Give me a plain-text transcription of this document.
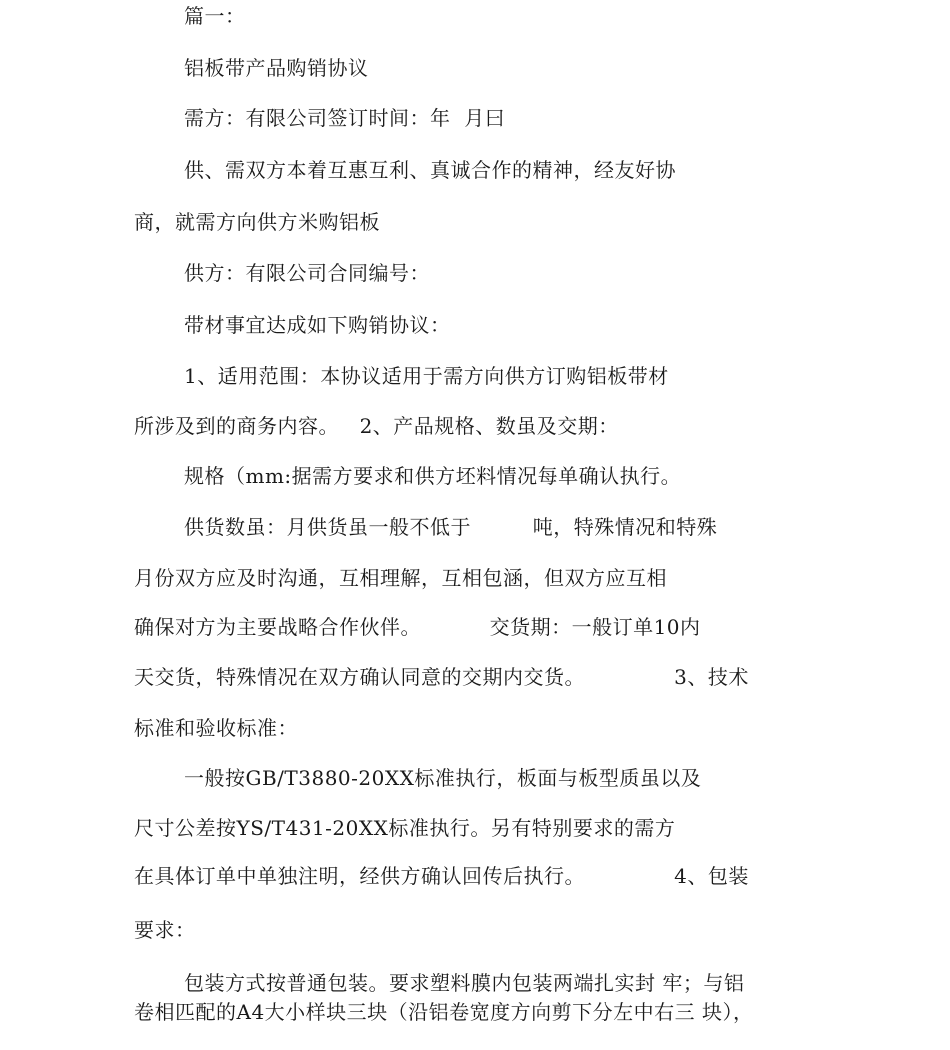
篇一：
铝板带产品购销协议
需方：有限公司签订时间：年  月曰
供、需双方本着互惠互利、真诚合作的精神，经友好协
商，就需方向供方米购铝板
供方：有限公司合同编号：
带材事宜达成如下购销协议：
1、适用范围：本协议适用于需方向供方订购铝板带材
所涉及到的商务内容。   2、产品规格、数虽及交期：
规格（mm:据需方要求和供方坯料情况每单确认执行。
供货数虽：月供货虽一般不低于         吨，特殊情况和特殊
月份双方应及时沟通，互相理解，互相包涵，但双方应互相
确保对方为主要战略合作伙伴。          交货期：一般订单10内
天交货，特殊情况在双方确认同意的交期内交货。             3、技术
标准和验收标准：
一般按GB/T3880-20XX标准执行，板面与板型质虽以及
尺寸公差按YS/T431-20XX标准执行。另有特别要求的需方
在具体订单中单独注明，经供方确认回传后执行。             4、包装
要求：
包装方式按普通包装。要求塑料膜内包装两端扎实封 牢；与铝
卷相匹配的A4大小样块三块（沿铝卷宽度方向剪下分左中右三 块），
